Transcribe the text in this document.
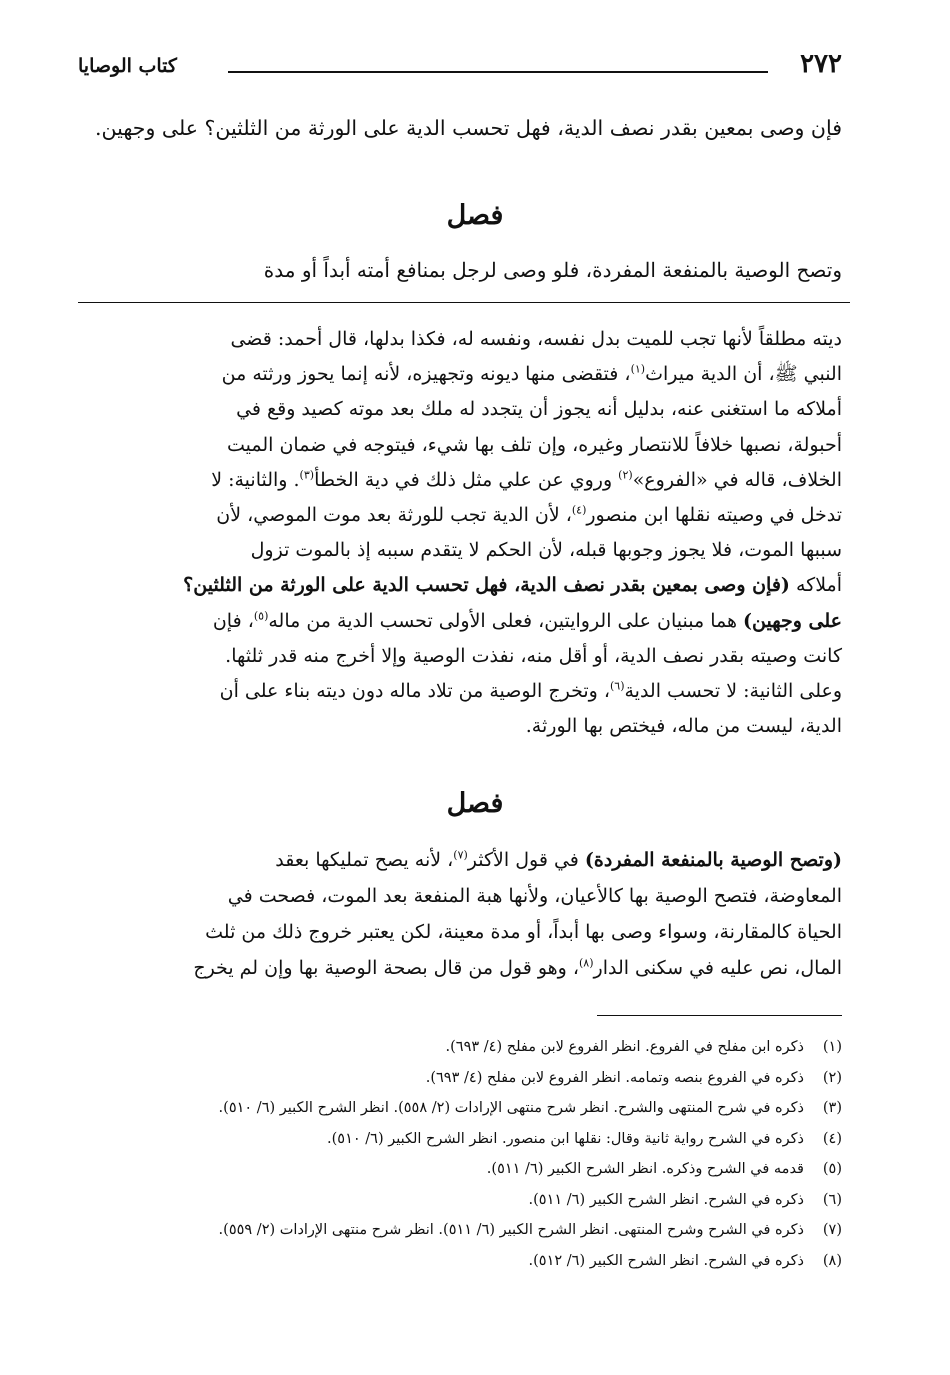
٢٧٢
كتاب الوصايا
فإن وصى بمعين بقدر نصف الدية، فهل تحسب الدية على الورثة من الثلثين؟ على وجهين.
فصل
وتصح الوصية بالمنفعة المفردة، فلو وصى لرجل بمنافع أمته أبداً أو مدة
ديته مطلقاً لأنها تجب للميت بدل نفسه، ونفسه له، فكذا بدلها، قال أحمد: قضى
النبي ﷺ، أن الدية ميراث$^{(١)}$، فتقضى منها ديونه وتجهيزه، لأنه إنما يحوز ورثته من
أملاكه ما استغنى عنه، بدليل أنه يجوز أن يتجدد له ملك بعد موته كصيد وقع في
أحبولة، نصبها خلافاً للانتصار وغيره، وإن تلف بها شيء، فيتوجه في ضمان الميت
الخلاف، قاله في «الفروع»$^{(٢)}$ وروي عن علي مثل ذلك في دية الخطأ$^{(٣)}$. والثانية: لا
تدخل في وصيته نقلها ابن منصور$^{(٤)}$، لأن الدية تجب للورثة بعد موت الموصي، لأن
سببها الموت، فلا يجوز وجوبها قبله، لأن الحكم لا يتقدم سببه إذ بالموت تزول
أملاكه (فإن وصى بمعين بقدر نصف الدية، فهل تحسب الدية على الورثة من الثلثين؟
على وجهين) هما مبنيان على الروايتين، فعلى الأولى تحسب الدية من ماله$^{(٥)}$، فإن
كانت وصيته بقدر نصف الدية، أو أقل منه، نفذت الوصية وإلا أخرج منه قدر ثلثها.
وعلى الثانية: لا تحسب الدية$^{(٦)}$، وتخرج الوصية من تلاد ماله دون ديته بناء على أن
الدية، ليست من ماله، فيختص بها الورثة.
فصل
(وتصح الوصية بالمنفعة المفردة) في قول الأكثر$^{(٧)}$، لأنه يصح تمليكها بعقد
المعاوضة، فتصح الوصية بها كالأعيان، ولأنها هبة المنفعة بعد الموت، فصحت في
الحياة كالمقارنة، وسواء وصى بها أبداً، أو مدة معينة، لكن يعتبر خروج ذلك من ثلث
المال، نص عليه في سكنى الدار$^{(٨)}$، وهو قول من قال بصحة الوصية بها وإن لم يخرج
(١)
ذكره ابن مفلح في الفروع. انظر الفروع لابن مفلح (٤/ ٦٩٣).
(٢)
ذكره في الفروع بنصه وتمامه. انظر الفروع لابن مفلح (٤/ ٦٩٣).
(٣)
ذكره في شرح المنتهى والشرح. انظر شرح منتهى الإرادات (٢/ ٥٥٨). انظر الشرح الكبير (٦/ ٥١٠).
(٤)
ذكره في الشرح رواية ثانية وقال: نقلها ابن منصور. انظر الشرح الكبير (٦/ ٥١٠).
(٥)
قدمه في الشرح وذكره. انظر الشرح الكبير (٦/ ٥١١).
(٦)
ذكره في الشرح. انظر الشرح الكبير (٦/ ٥١١).
(٧)
ذكره في الشرح وشرح المنتهى. انظر الشرح الكبير (٦/ ٥١١). انظر شرح منتهى الإرادات (٢/ ٥٥٩).
(٨)
ذكره في الشرح. انظر الشرح الكبير (٦/ ٥١٢).
